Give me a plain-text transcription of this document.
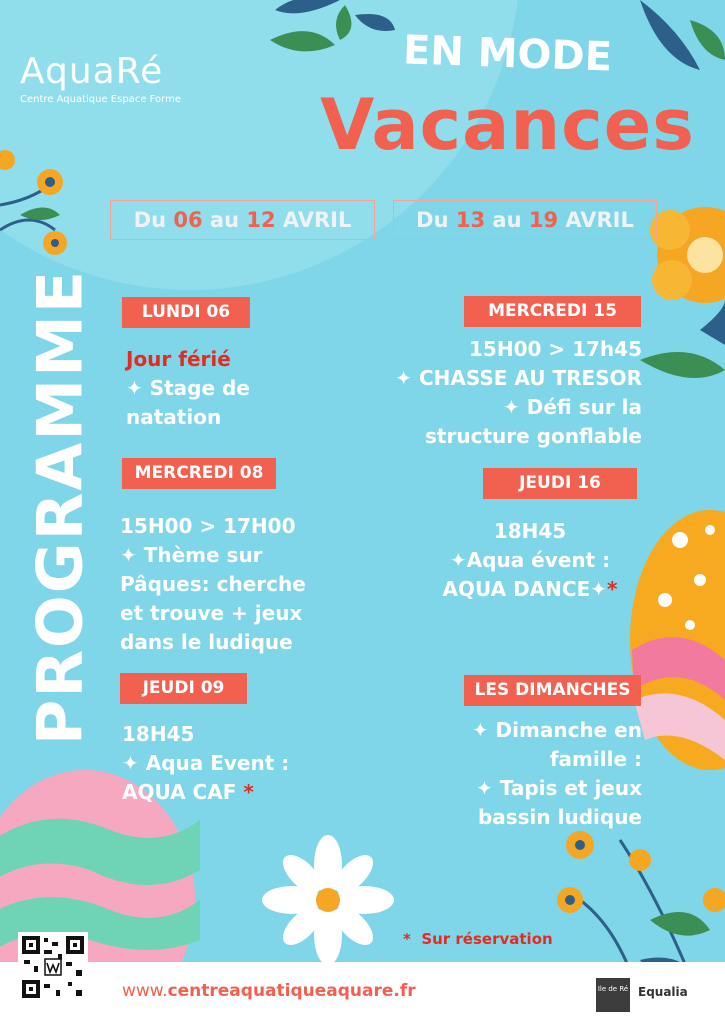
AquaRé
Centre Aquatique Espace Forme
EN MODE
Vacances
Du 06 au 12 AVRIL	Du 13 au 19 AVRIL
PROGRAMME	LUNDI 06
Jour férié
✦ Stage de
natation
MERCREDI 08
15H00 > 17H00
✦ Thème sur
Pâques: cherche
et trouve + jeux
dans le ludique
JEUDI 09
18H45
✦ Aqua Event :
AQUA CAF *
MERCREDI 15
15H00 > 17h45
✦ CHASSE AU TRESOR
✦ Défi sur la
structure gonflable
JEUDI 16
18H45
✦Aqua évent :
AQUA DANCE✦*
LES DIMANCHES
✦ Dimanche en
famille :
✦ Tapis et jeux
bassin ludique
* Sur réservation
www.centreaquatiqueaquare.fr	Ile de Ré Equalia
